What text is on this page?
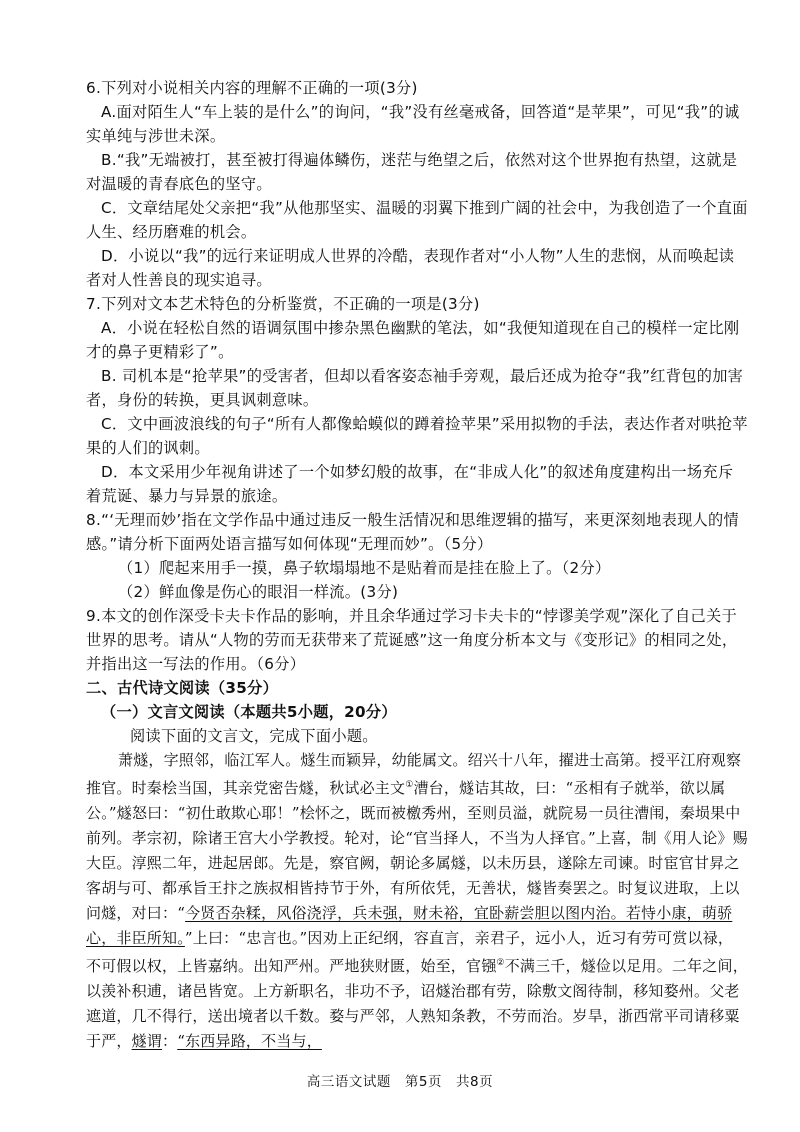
6.下列对小说相关内容的理解不正确的一项(3分)

A.面对陌生人“车上装的是什么”的询问，“我”没有丝毫戒备，回答道“是苹果”，可见“我”的诚实单纯与涉世未深。

B.“我”无端被打，甚至被打得遍体鳞伤，迷茫与绝望之后，依然对这个世界抱有热望，这就是对温暖的青春底色的坚守。

C．文章结尾处父亲把“我”从他那坚实、温暖的羽翼下推到广阔的社会中，为我创造了一个直面人生、经历磨难的机会。

D．小说以“我”的远行来证明成人世界的冷酷，表现作者对“小人物”人生的悲悯，从而唤起读者对人性善良的现实追寻。

7.下列对文本艺术特色的分析鉴赏，不正确的一项是(3分)

A．小说在轻松自然的语调氛围中掺杂黑色幽默的笔法，如“我便知道现在自己的模样一定比刚才的鼻子更精彩了”。

B. 司机本是“抢苹果”的受害者，但却以看客姿态袖手旁观，最后还成为抢夺“我”红背包的加害者，身份的转换，更具讽刺意味。

C．文中画波浪线的句子“所有人都像蛤蟆似的蹲着捡苹果”采用拟物的手法，表达作者对哄抢苹果的人们的讽刺。

D．本文采用少年视角讲述了一个如梦幻般的故事，在“非成人化”的叙述角度建构出一场充斥着荒诞、暴力与异景的旅途。

8.“‘无理而妙’指在文学作品中通过违反一般生活情况和思维逻辑的描写，来更深刻地表现人的情感。”请分析下面两处语言描写如何体现“无理而妙”。（5分）

（1）爬起来用手一摸，鼻子软塌塌地不是贴着而是挂在脸上了。（2分）

（2）鲜血像是伤心的眼泪一样流。(3分)

9.本文的创作深受卡夫卡作品的影响，并且余华通过学习卡夫卡的“悖谬美学观”深化了自己关于世界的思考。请从“人物的劳而无获带来了荒诞感”这一角度分析本文与《变形记》的相同之处，并指出这一写法的作用。（6分）

二、古代诗文阅读（35分）

（一）文言文阅读（本题共5小题，20分）

阅读下面的文言文，完成下面小题。

萧燧，字照邻，临江军人。燧生而颖异，幼能属文。绍兴十八年，擢进士高第。授平江府观察推官。时秦桧当国，其亲党密告燧，秋试必主文①漕台，燧诘其故，曰：“丞相有子就举，欲以属公。”燧怒曰：“初仕敢欺心耶！”桧怀之，既而被檄秀州，至则员溢，就院易一员往漕闱，秦埙果中前列。孝宗初，除诸王宫大小学教授。轮对，论“官当择人，不当为人择官。”上喜，制《用人论》赐大臣。淳熙二年，进起居郎。先是，察官阙，朝论多属燧，以未历县，遂除左司谏。时宦官甘昇之客胡与可、都承旨王抃之族叔相皆持节于外，有所依凭，无善状，燧皆奏罢之。时复议进取，上以问燧，对曰：“今贤否杂糅，风俗浇浮，兵未强，财未裕，宜卧薪尝胆以图内治。若恃小康，萌骄心，非臣所知。”上曰：“忠言也。”因劝上正纪纲，容直言，亲君子，远小人，近习有劳可赏以禄，不可假以权，上皆嘉纳。出知严州。严地狭财匮，始至，官镪②不满三千，燧俭以足用。二年之间，以羡补积逋，诸邑皆宽。上方新职名，非功不予，诏燧治郡有劳，除敷文阁待制，移知婺州。父老遮道，几不得行，送出境者以千数。婺与严邻，人熟知条教，不劳而治。岁旱，浙西常平司请移粟于严，燧谓：“东西异路，不当与，

高三语文试题　第5页　共8页
